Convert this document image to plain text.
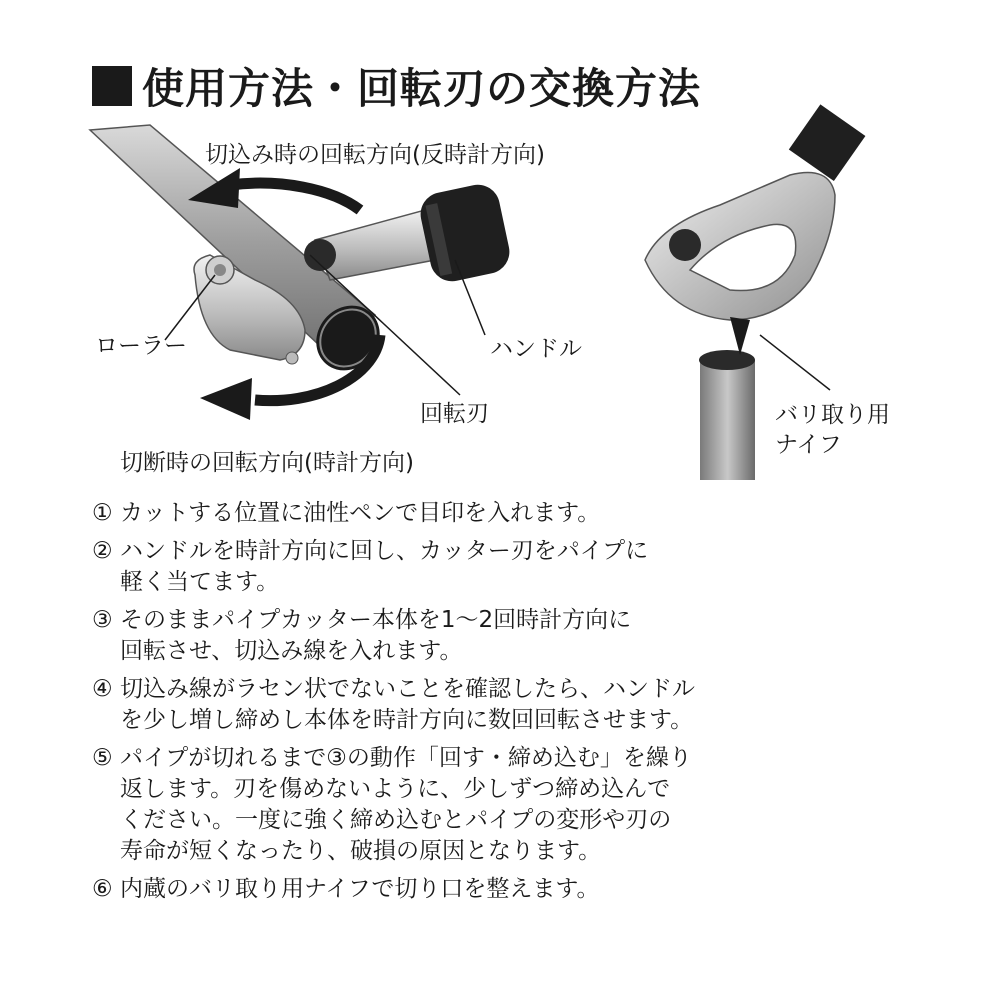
使用方法・回転刃の交換方法
切込み時の回転方向(反時計方向)
ローラー	ハンドル
回転刃
切断時の回転方向(時計方向)
バリ取り用
ナイフ
① カットする位置に油性ペンで目印を入れます。
② ハンドルを時計方向に回し、カッター刃をパイプに
軽く当てます。
③ そのままパイプカッター本体を1〜2回時計方向に
回転させ、切込み線を入れます。
④ 切込み線がラセン状でないことを確認したら、ハンドル
を少し増し締めし本体を時計方向に数回回転させます。
⑤ パイプが切れるまで③の動作「回す・締め込む」を繰り
返します。刃を傷めないように、少しずつ締め込んで
ください。一度に強く締め込むとパイプの変形や刃の
寿命が短くなったり、破損の原因となります。
⑥ 内蔵のバリ取り用ナイフで切り口を整えます。
